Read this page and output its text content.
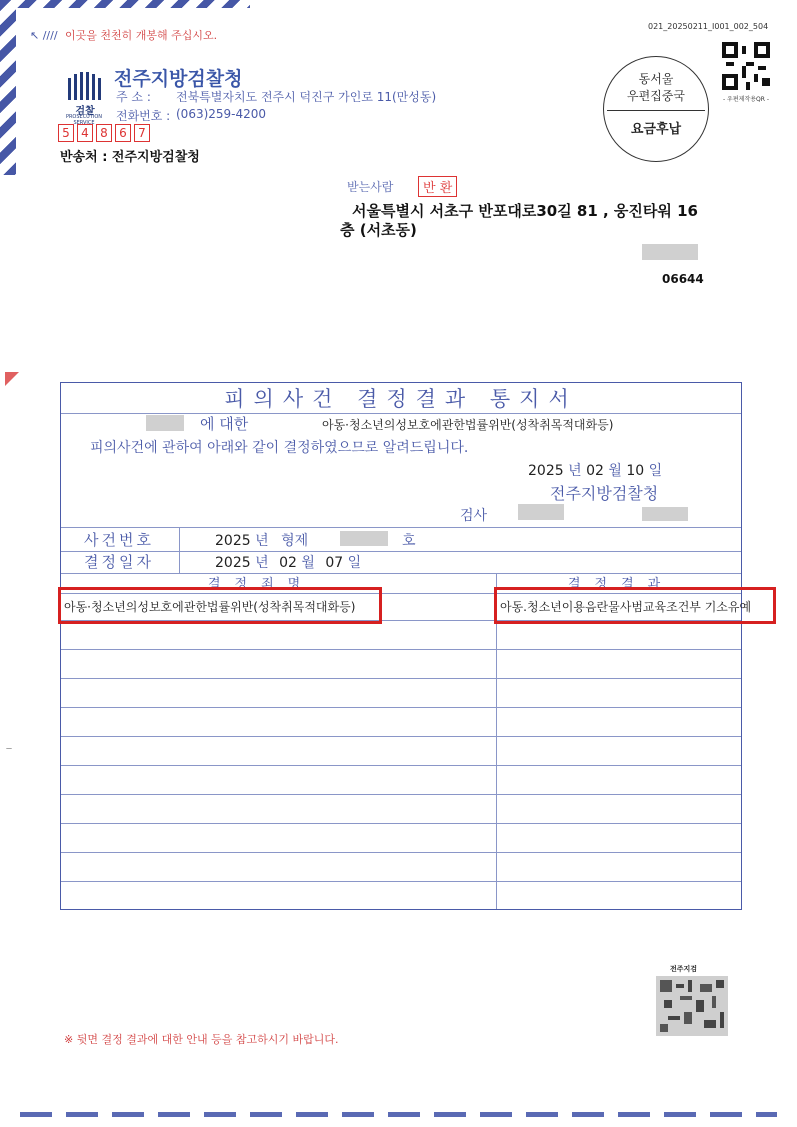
↖ //// 이곳을 천천히 개봉해 주십시오.
021_20250211_I001_002_504
검찰
PROSECUTION SERVICE
전주지방검찰청
주 소 : 전북특별자치도 전주시 덕진구 가인로 11(만성동)
전화번호 : (063)259-4200
5 4 8 6 7
반송처 : 전주지방검찰청
동서울
우편집중국
요금후납
- 우편제작용QR -
받는사람	반 환
서울특별시 서초구 반포대로30길 81 , 웅진타워 16
층 (서초동)
06644
—
피의사건 결정결과 통지서
에 대한	아동·청소년의성보호에관한법률위반(성착취목적대화등)
피의사건에 관하여 아래와 같이 결정하였으므로 알려드립니다.
2025 년 02 월 10 일
전주지방검찰청
검사
사건번호	2025 년 형제	호
결정일자	2025 년 02 월 07 일
결정죄명	결정결과
아동·청소년의성보호에관한법률위반(성착취목적대화등)	아동.청소년이용음란물사범교육조건부 기소유예
전주지검
※ 뒷면 결정 결과에 대한 안내 등을 참고하시기 바랍니다.
